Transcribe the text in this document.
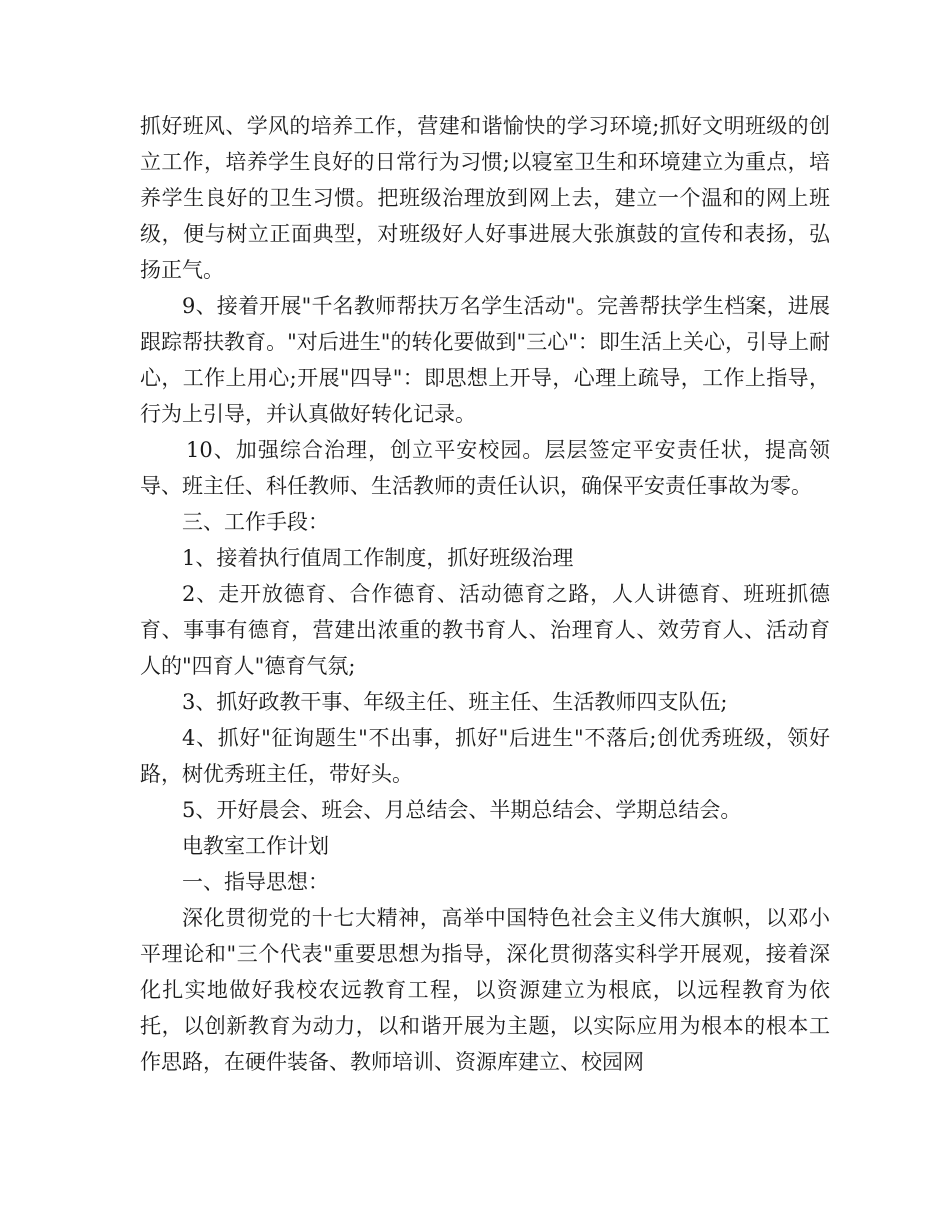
抓好班风、学风的培养工作，营建和谐愉快的学习环境;抓好文明班级的创立工作，培养学生良好的日常行为习惯;以寝室卫生和环境建立为重点，培养学生良好的卫生习惯。把班级治理放到网上去，建立一个温和的网上班级，便与树立正面典型，对班级好人好事进展大张旗鼓的宣传和表扬，弘扬正气。

9、接着开展"千名教师帮扶万名学生活动"。完善帮扶学生档案，进展跟踪帮扶教育。"对后进生"的转化要做到"三心"：即生活上关心，引导上耐心，工作上用心;开展"四导"：即思想上开导，心理上疏导，工作上指导，行为上引导，并认真做好转化记录。

10、加强综合治理，创立平安校园。层层签定平安责任状，提高领导、班主任、科任教师、生活教师的责任认识，确保平安责任事故为零。

三、工作手段：

1、接着执行值周工作制度，抓好班级治理

2、走开放德育、合作德育、活动德育之路，人人讲德育、班班抓德育、事事有德育，营建出浓重的教书育人、治理育人、效劳育人、活动育人的"四育人"德育气氛;

3、抓好政教干事、年级主任、班主任、生活教师四支队伍;

4、抓好"征询题生"不出事，抓好"后进生"不落后;创优秀班级，领好路，树优秀班主任，带好头。

5、开好晨会、班会、月总结会、半期总结会、学期总结会。

电教室工作计划

一、指导思想：

深化贯彻党的十七大精神，高举中国特色社会主义伟大旗帜，以邓小平理论和"三个代表"重要思想为指导，深化贯彻落实科学开展观，接着深化扎实地做好我校农远教育工程，以资源建立为根底，以远程教育为依托，以创新教育为动力，以和谐开展为主题，以实际应用为根本的根本工作思路，在硬件装备、教师培训、资源库建立、校园网
